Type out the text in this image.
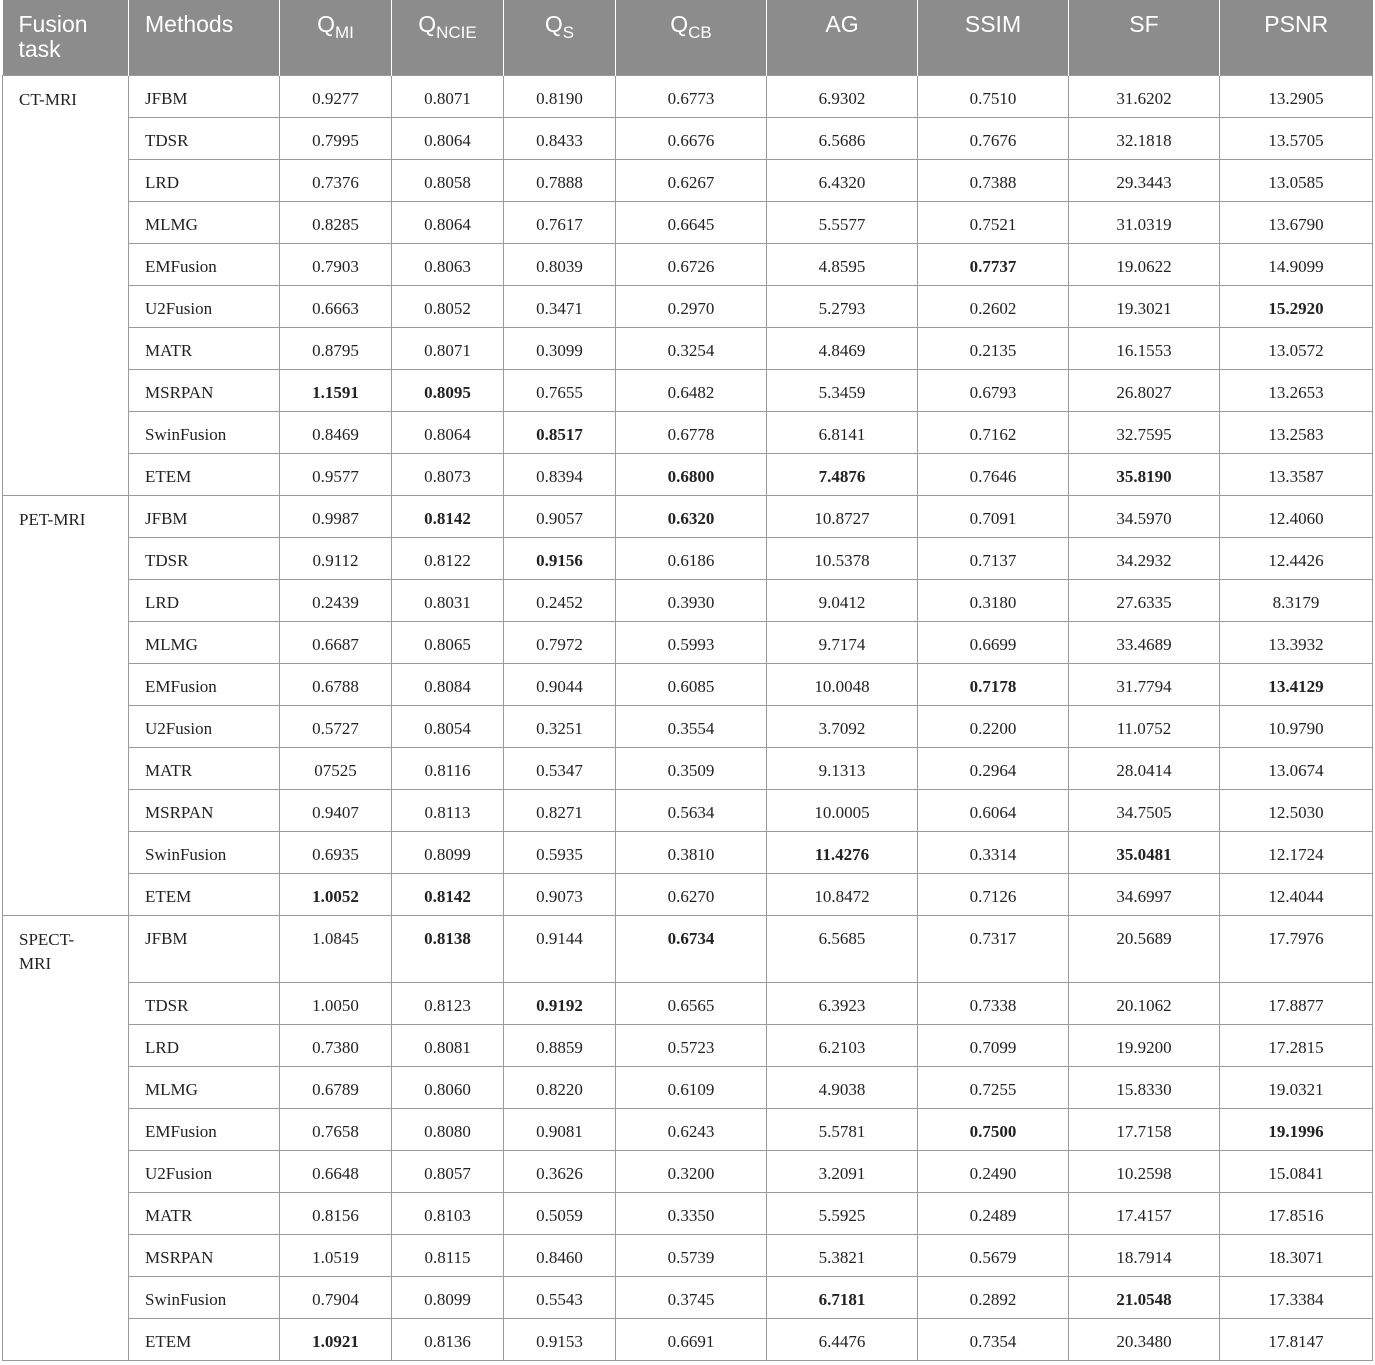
Fusion task	Methods	$Q_{MI}$	$Q_{NCIE}$	$Q_S$	$Q_{CB}$	AG	SSIM	SF	PSNR
CT-MRI	JFBM	0.9277	0.8071	0.8190	0.6773	6.9302	0.7510	31.6202	13.2905
	TDSR	0.7995	0.8064	0.8433	0.6676	6.5686	0.7676	32.1818	13.5705
	LRD	0.7376	0.8058	0.7888	0.6267	6.4320	0.7388	29.3443	13.0585
	MLMG	0.8285	0.8064	0.7617	0.6645	5.5577	0.7521	31.0319	13.6790
	EMFusion	0.7903	0.8063	0.8039	0.6726	4.8595	0.7737	19.0622	14.9099
	U2Fusion	0.6663	0.8052	0.3471	0.2970	5.2793	0.2602	19.3021	15.2920
	MATR	0.8795	0.8071	0.3099	0.3254	4.8469	0.2135	16.1553	13.0572
	MSRPAN	1.1591	0.8095	0.7655	0.6482	5.3459	0.6793	26.8027	13.2653
	SwinFusion	0.8469	0.8064	0.8517	0.6778	6.8141	0.7162	32.7595	13.2583
	ETEM	0.9577	0.8073	0.8394	0.6800	7.4876	0.7646	35.8190	13.3587
PET-MRI	JFBM	0.9987	0.8142	0.9057	0.6320	10.8727	0.7091	34.5970	12.4060
	TDSR	0.9112	0.8122	0.9156	0.6186	10.5378	0.7137	34.2932	12.4426
	LRD	0.2439	0.8031	0.2452	0.3930	9.0412	0.3180	27.6335	8.3179
	MLMG	0.6687	0.8065	0.7972	0.5993	9.7174	0.6699	33.4689	13.3932
	EMFusion	0.6788	0.8084	0.9044	0.6085	10.0048	0.7178	31.7794	13.4129
	U2Fusion	0.5727	0.8054	0.3251	0.3554	3.7092	0.2200	11.0752	10.9790
	MATR	07525	0.8116	0.5347	0.3509	9.1313	0.2964	28.0414	13.0674
	MSRPAN	0.9407	0.8113	0.8271	0.5634	10.0005	0.6064	34.7505	12.5030
	SwinFusion	0.6935	0.8099	0.5935	0.3810	11.4276	0.3314	35.0481	12.1724
	ETEM	1.0052	0.8142	0.9073	0.6270	10.8472	0.7126	34.6997	12.4044
SPECT-MRI	JFBM	1.0845	0.8138	0.9144	0.6734	6.5685	0.7317	20.5689	17.7976
	TDSR	1.0050	0.8123	0.9192	0.6565	6.3923	0.7338	20.1062	17.8877
	LRD	0.7380	0.8081	0.8859	0.5723	6.2103	0.7099	19.9200	17.2815
	MLMG	0.6789	0.8060	0.8220	0.6109	4.9038	0.7255	15.8330	19.0321
	EMFusion	0.7658	0.8080	0.9081	0.6243	5.5781	0.7500	17.7158	19.1996
	U2Fusion	0.6648	0.8057	0.3626	0.3200	3.2091	0.2490	10.2598	15.0841
	MATR	0.8156	0.8103	0.5059	0.3350	5.5925	0.2489	17.4157	17.8516
	MSRPAN	1.0519	0.8115	0.8460	0.5739	5.3821	0.5679	18.7914	18.3071
	SwinFusion	0.7904	0.8099	0.5543	0.3745	6.7181	0.2892	21.0548	17.3384
	ETEM	1.0921	0.8136	0.9153	0.6691	6.4476	0.7354	20.3480	17.8147
